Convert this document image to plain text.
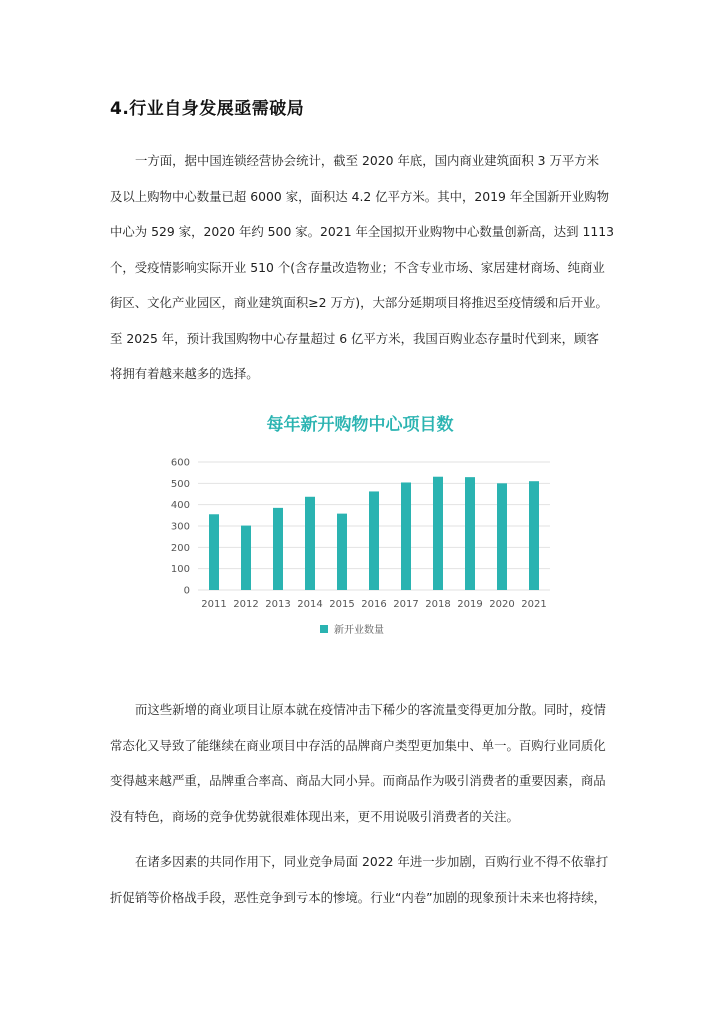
4.行业自身发展亟需破局
一方面，据中国连锁经营协会统计，截至 2020 年底，国内商业建筑面积 3 万平方米
及以上购物中心数量已超 6000 家，面积达 4.2 亿平方米。其中，2019 年全国新开业购物
中心为 529 家，2020 年约 500 家。2021 年全国拟开业购物中心数量创新高，达到 1113
个，受疫情影响实际开业 510 个(含存量改造物业；不含专业市场、家居建材商场、纯商业
街区、文化产业园区，商业建筑面积≥2 万方)，大部分延期项目将推迟至疫情缓和后开业。
至 2025 年，预计我国购物中心存量超过 6 亿平方米，我国百购业态存量时代到来，顾客
将拥有着越来越多的选择。
每年新开购物中心项目数
0
100
200
300
400
500
600
2011 2012 2013 2014 2015 2016 2017 2018 2019 2020 2021
新开业数量
而这些新增的商业项目让原本就在疫情冲击下稀少的客流量变得更加分散。同时，疫情
常态化又导致了能继续在商业项目中存活的品牌商户类型更加集中、单一。百购行业同质化
变得越来越严重，品牌重合率高、商品大同小异。而商品作为吸引消费者的重要因素，商品
没有特色，商场的竞争优势就很难体现出来，更不用说吸引消费者的关注。
在诸多因素的共同作用下，同业竞争局面 2022 年进一步加剧，百购行业不得不依靠打
折促销等价格战手段，恶性竞争到亏本的惨境。行业“内卷”加剧的现象预计未来也将持续，
